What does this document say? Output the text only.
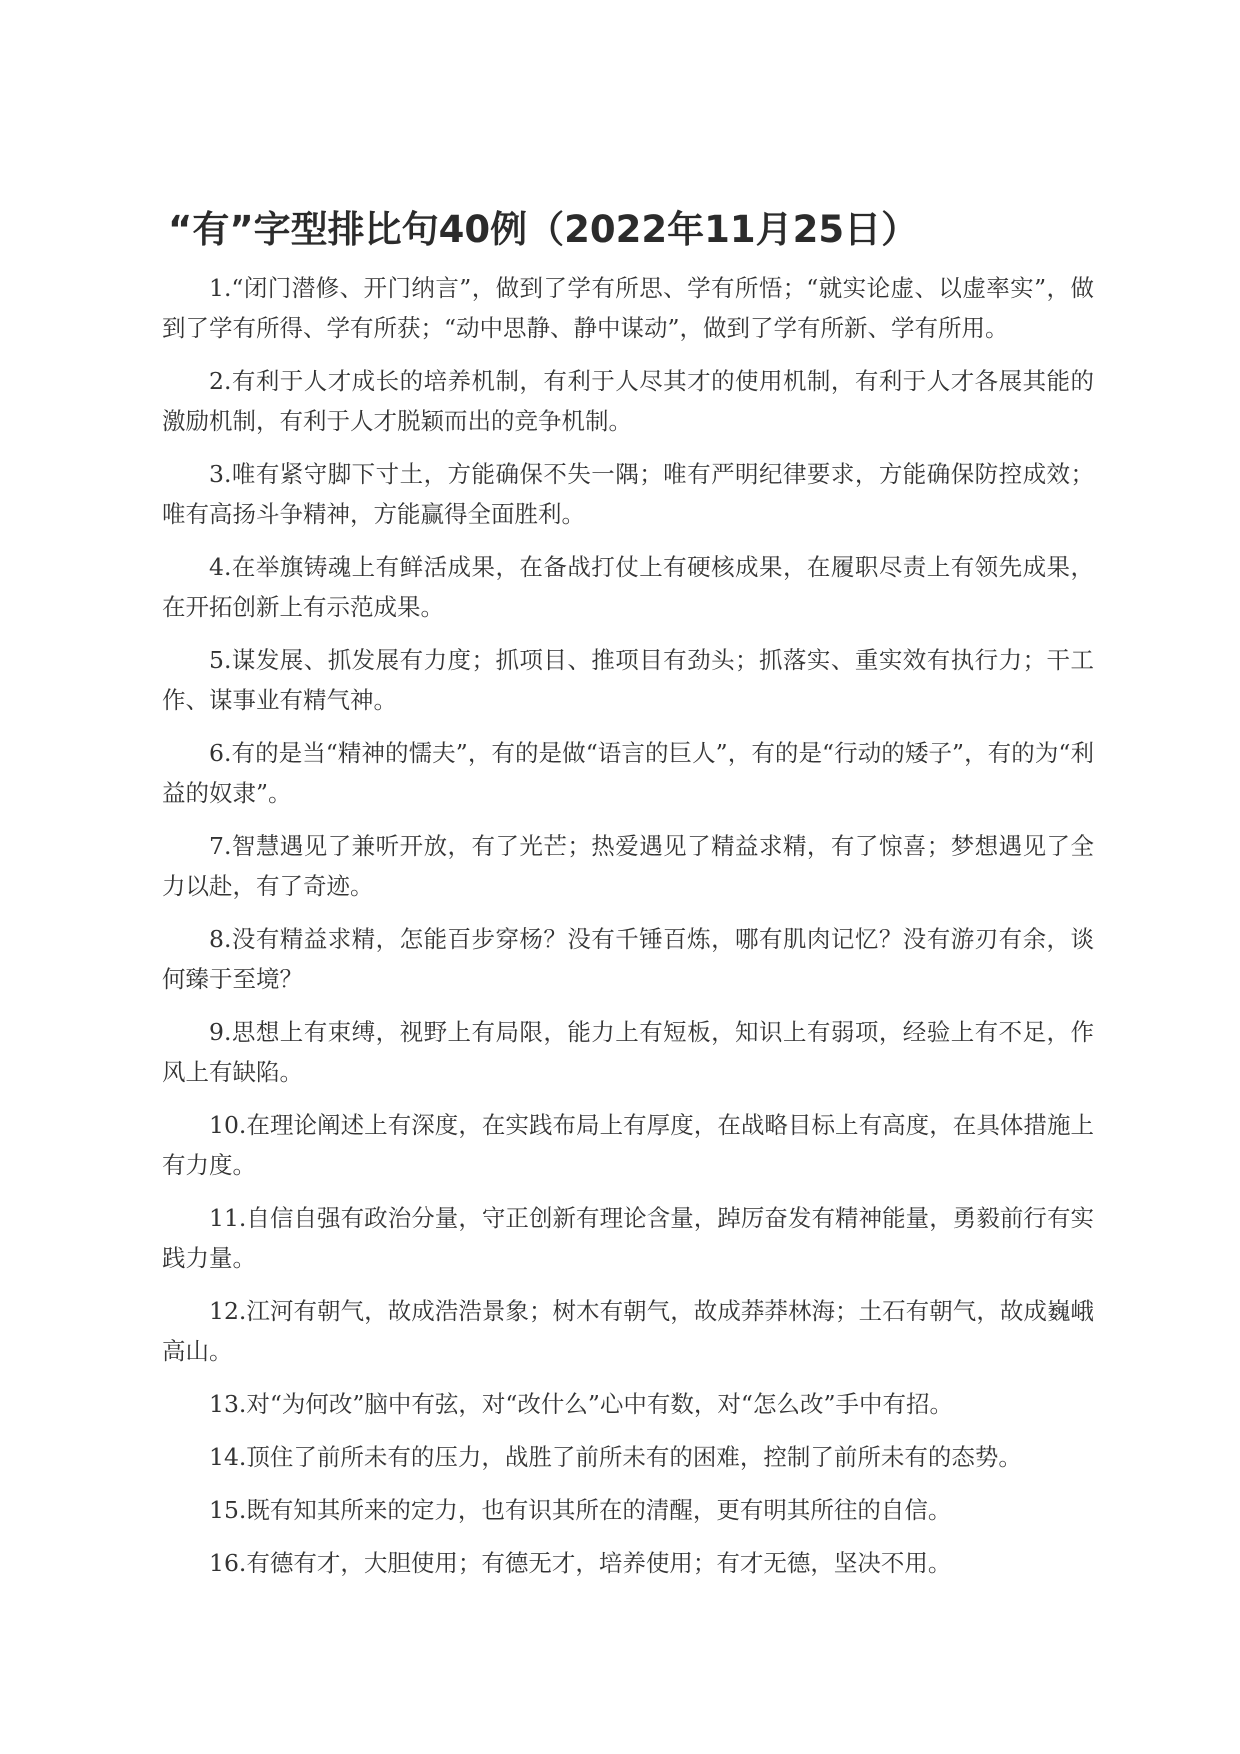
“有”字型排比句40例（2022年11月25日）

1.“闭门潜修、开门纳言”，做到了学有所思、学有所悟；“就实论虚、以虚率实”，做到了学有所得、学有所获；“动中思静、静中谋动”，做到了学有所新、学有所用。

2.有利于人才成长的培养机制，有利于人尽其才的使用机制，有利于人才各展其能的激励机制，有利于人才脱颖而出的竞争机制。

3.唯有紧守脚下寸土，方能确保不失一隅；唯有严明纪律要求，方能确保防控成效；唯有高扬斗争精神，方能赢得全面胜利。

4.在举旗铸魂上有鲜活成果，在备战打仗上有硬核成果，在履职尽责上有领先成果，在开拓创新上有示范成果。

5.谋发展、抓发展有力度；抓项目、推项目有劲头；抓落实、重实效有执行力；干工作、谋事业有精气神。

6.有的是当“精神的懦夫”，有的是做“语言的巨人”，有的是“行动的矮子”，有的为“利益的奴隶”。

7.智慧遇见了兼听开放，有了光芒；热爱遇见了精益求精，有了惊喜；梦想遇见了全力以赴，有了奇迹。

8.没有精益求精，怎能百步穿杨？没有千锤百炼，哪有肌肉记忆？没有游刃有余，谈何臻于至境？

9.思想上有束缚，视野上有局限，能力上有短板，知识上有弱项，经验上有不足，作风上有缺陷。

10.在理论阐述上有深度，在实践布局上有厚度，在战略目标上有高度，在具体措施上有力度。

11.自信自强有政治分量，守正创新有理论含量，踔厉奋发有精神能量，勇毅前行有实践力量。

12.江河有朝气，故成浩浩景象；树木有朝气，故成莽莽林海；土石有朝气，故成巍峨高山。

13.对“为何改”脑中有弦，对“改什么”心中有数，对“怎么改”手中有招。

14.顶住了前所未有的压力，战胜了前所未有的困难，控制了前所未有的态势。

15.既有知其所来的定力，也有识其所在的清醒，更有明其所往的自信。

16.有德有才，大胆使用；有德无才，培养使用；有才无德，坚决不用。
